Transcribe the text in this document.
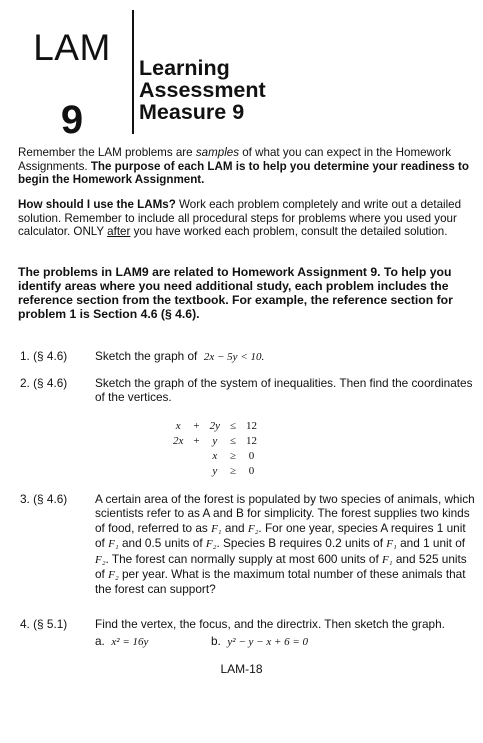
LAM
9
Learning
Assessment
Measure 9
Remember the LAM problems are samples of what you can expect in the Homework Assignments. The purpose of each LAM is to help you determine your readiness to begin the Homework Assignment.
How should I use the LAMs? Work each problem completely and write out a detailed solution. Remember to include all procedural steps for problems where you used your calculator. ONLY after you have worked each problem, consult the detailed solution.
The problems in LAM9 are related to Homework Assignment 9. To help you identify areas where you need additional study, each problem includes the reference section from the textbook. For example, the reference section for problem 1 is Section 4.6 (§ 4.6).
1. (§ 4.6) Sketch the graph of 2x − 5y < 10.
2. (§ 4.6) Sketch the graph of the system of inequalities. Then find the coordinates of the vertices.
x	+	2y	≤	12
2x	+	y	≤	12
		x	≥	0
		y	≥	0
3. (§ 4.6) A certain area of the forest is populated by two species of animals, which scientists refer to as A and B for simplicity. The forest supplies two kinds of food, referred to as F₁ and F₂. For one year, species A requires 1 unit of F₁ and 0.5 units of F₂. Species B requires 0.2 units of F₁ and 1 unit of F₂. The forest can normally supply at most 600 units of F₁ and 525 units of F₂ per year. What is the maximum total number of these animals that the forest can support?
4. (§ 5.1) Find the vertex, the focus, and the directrix. Then sketch the graph.
a. x² = 16y	b. y² − y − x + 6 = 0
LAM-18
